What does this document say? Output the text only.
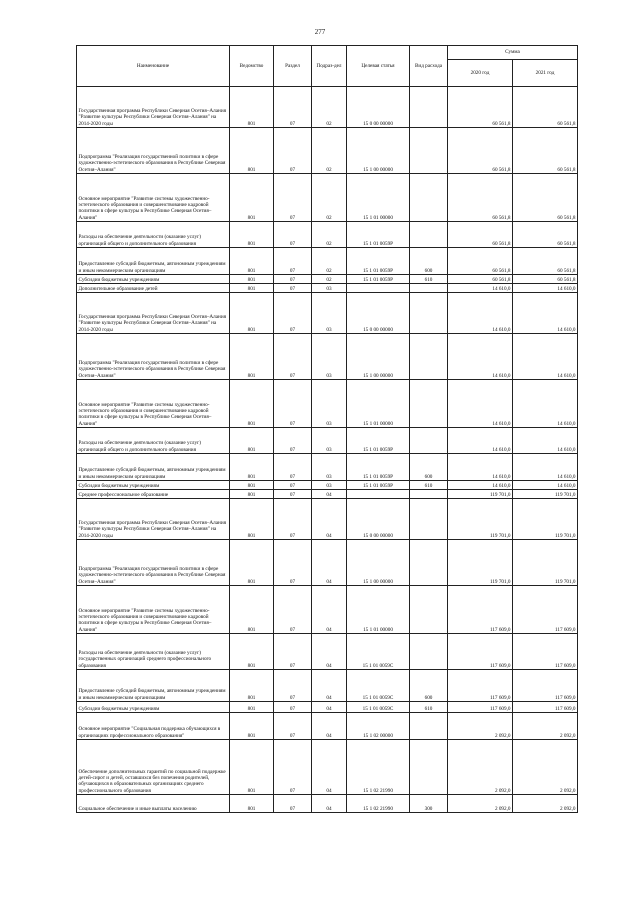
277
Наименование	Ведомство	Раздел	Подраз-дел	Целевая статья	Вид расхода	Сумма	
						2020 год	2021 год
Государственная программа Республики Северная Осетия–Алания "Развитие культуры Республики Северная Осетия–Алания" на 2014-2020 годы	801	07	02	15 0 00 00000		60 561,8	60 561,8
Подпрограмма "Реализация государственной политики в сфере художественно-эстетического образования в Республике Северная Осетия–Алания"	801	07	02	15 1 00 00000		60 561,8	60 561,8
Основное мероприятие "Развитие системы художественно-эстетического образования и совершенствование кадровой политики в сфере культуры в Республике Северная Осетия–Алания"	801	07	02	15 1 01 00000		60 561,8	60 561,8
Расходы на обеспечение деятельности (оказание услуг) организаций общего и дополнительного образования	801	07	02	15 1 01 0059P		60 561,8	60 561,8
Предоставление субсидий бюджетным, автономным учреждениям и иным некоммерческим организациям	801	07	02	15 1 01 0059P	600	60 561,8	60 561,8
Субсидии бюджетным учреждениям	801	07	02	15 1 01 0059P	610	60 561,8	60 561,8
Дополнительное образование детей	801	07	03			14 610,0	14 610,0
Государственная программа Республики Северная Осетия–Алания "Развитие культуры Республики Северная Осетия–Алания" на 2014-2020 годы	801	07	03	15 0 00 00000		14 610,0	14 610,0
Подпрограмма "Реализация государственной политики в сфере художественно-эстетического образования в Республике Северная Осетия–Алания"	801	07	03	15 1 00 00000		14 610,0	14 610,0
Основное мероприятие "Развитие системы художественно-эстетического образования и совершенствование кадровой политики в сфере культуры в Республике Северная Осетия–Алания"	801	07	03	15 1 01 00000		14 610,0	14 610,0
Расходы на обеспечение деятельности (оказание услуг) организаций общего и дополнительного образования	801	07	03	15 1 01 0059P		14 610,0	14 610,0
Предоставление субсидий бюджетным, автономным учреждениям и иным некоммерческим организациям	801	07	03	15 1 01 0059P	600	14 610,0	14 610,0
Субсидии бюджетным учреждениям	801	07	03	15 1 01 0059P	610	14 610,0	14 610,0
Среднее профессиональное образование	801	07	04			119 701,0	119 701,0
Государственная программа Республики Северная Осетия–Алания "Развитие культуры Республики Северная Осетия–Алания" на 2014-2020 годы	801	07	04	15 0 00 00000		119 701,0	119 701,0
Подпрограмма "Реализация государственной политики в сфере художественно-эстетического образования в Республике Северная Осетия–Алания"	801	07	04	15 1 00 00000		119 701,0	119 701,0
Основное мероприятие "Развитие системы художественно-эстетического образования и совершенствование кадровой политики в сфере культуры в Республике Северная Осетия–Алания"	801	07	04	15 1 01 00000		117 609,0	117 609,0
Расходы на обеспечение деятельности (оказание услуг) государственных организаций среднего профессионального образования	801	07	04	15 1 01 0059C		117 609,0	117 609,0
Предоставление субсидий бюджетным, автономным учреждениям и иным некоммерческим организациям	801	07	04	15 1 01 0059C	600	117 609,0	117 609,0
Субсидии бюджетным учреждениям	801	07	04	15 1 01 0059C	610	117 609,0	117 609,0
Основное мероприятие "Социальная поддержка обучающихся в организациях профессионального образования"	801	07	04	15 1 02 00000		2 092,0	2 092,0
Обеспечение дополнительных гарантий по социальной поддержке детей-сирот и детей, оставшихся без попечения родителей, обучающихся в образовательных организациях среднего профессионального образования	801	07	04	15 1 02 21990		2 092,0	2 092,0
Социальное обеспечение и иные выплаты населению	801	07	04	15 1 02 21990	300	2 092,0	2 092,0
